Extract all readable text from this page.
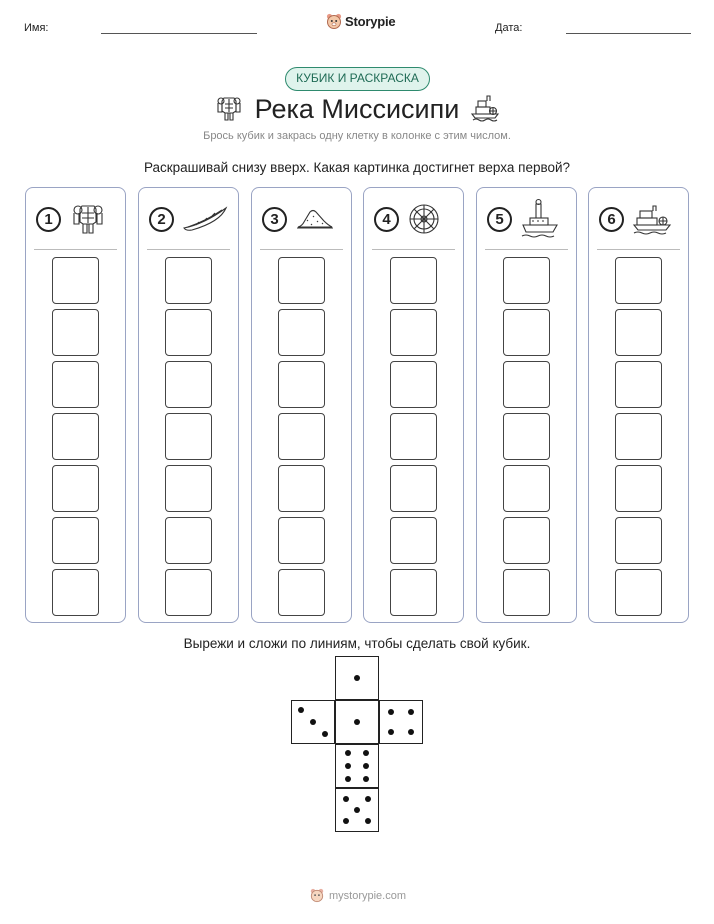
Имя:	Storypie	Дата:
КУБИК И РАСКРАСКА
Река Миссисипи
Брось кубик и закрась одну клетку в колонке с этим числом.
Раскрашивай снизу вверх. Какая картинка достигнет верха первой?
1	2	3	4	5	6
Вырежи и сложи по линиям, чтобы сделать свой кубик.
mystorypie.com
